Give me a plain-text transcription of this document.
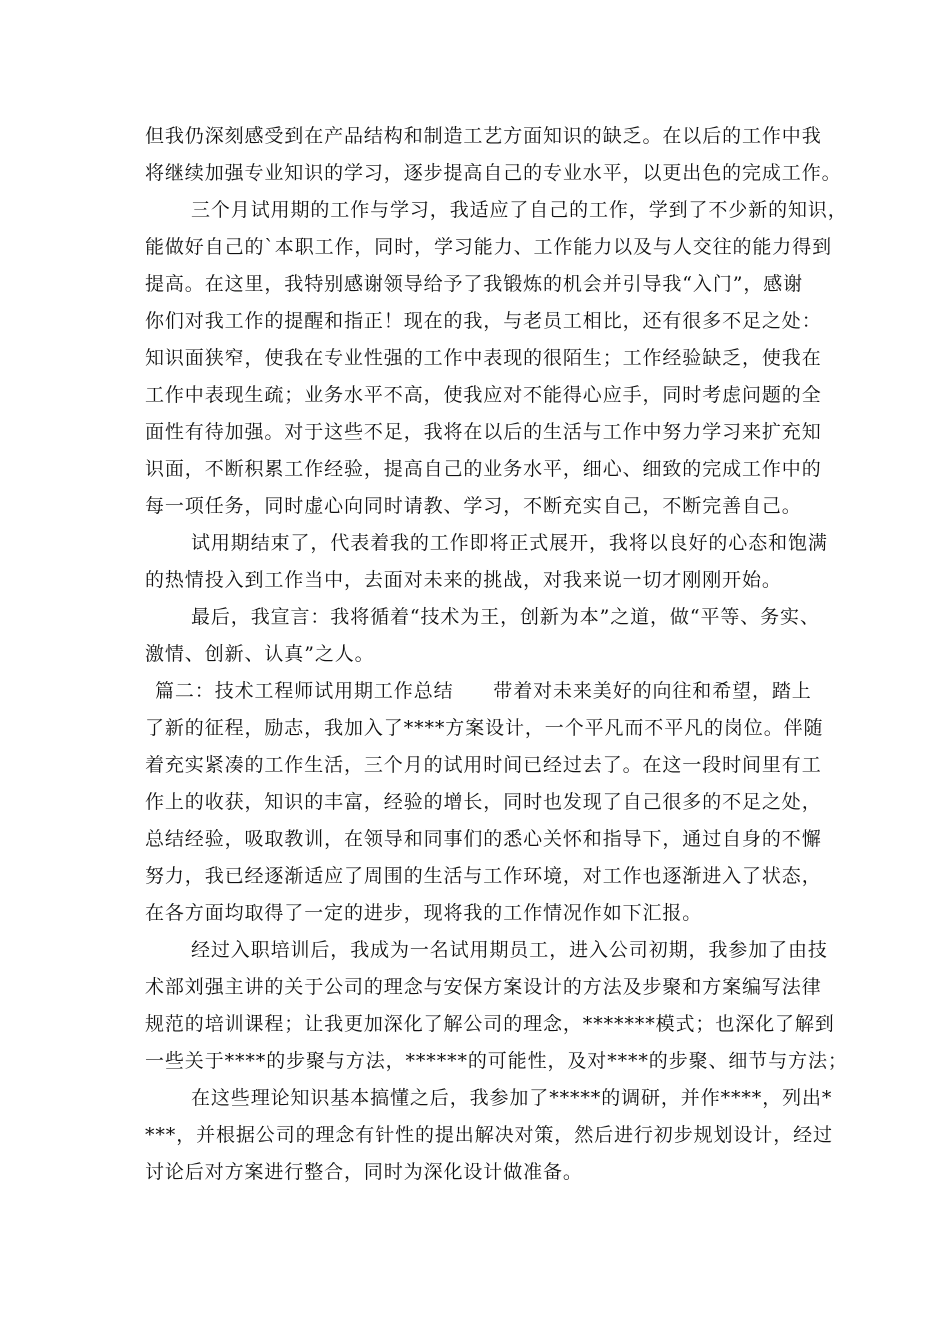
但我仍深刻感受到在产品结构和制造工艺方面知识的缺乏。在以后的工作中我
将继续加强专业知识的学习，逐步提高自己的专业水平，以更出色的完成工作。
三个月试用期的工作与学习，我适应了自己的工作，学到了不少新的知识，
能做好自己的`本职工作，同时，学习能力、工作能力以及与人交往的能力得到
提高。在这里，我特别感谢领导给予了我锻炼的机会并引导我“入门”，感谢
你们对我工作的提醒和指正！现在的我，与老员工相比，还有很多不足之处：
知识面狭窄，使我在专业性强的工作中表现的很陌生；工作经验缺乏，使我在
工作中表现生疏；业务水平不高，使我应对不能得心应手，同时考虑问题的全
面性有待加强。对于这些不足，我将在以后的生活与工作中努力学习来扩充知
识面，不断积累工作经验，提高自己的业务水平，细心、细致的完成工作中的
每一项任务，同时虚心向同时请教、学习，不断充实自己，不断完善自己。
试用期结束了，代表着我的工作即将正式展开，我将以良好的心态和饱满
的热情投入到工作当中，去面对未来的挑战，对我来说一切才刚刚开始。
最后，我宣言：我将循着“技术为王，创新为本”之道，做“平等、务实、
激情、创新、认真”之人。
篇二：技术工程师试用期工作总结　　带着对未来美好的向往和希望，踏上
了新的征程，励志，我加入了****方案设计，一个平凡而不平凡的岗位。伴随
着充实紧凑的工作生活，三个月的试用时间已经过去了。在这一段时间里有工
作上的收获，知识的丰富，经验的增长，同时也发现了自己很多的不足之处，
总结经验，吸取教训，在领导和同事们的悉心关怀和指导下，通过自身的不懈
努力，我已经逐渐适应了周围的生活与工作环境，对工作也逐渐进入了状态，
在各方面均取得了一定的进步，现将我的工作情况作如下汇报。
经过入职培训后，我成为一名试用期员工，进入公司初期，我参加了由技
术部刘强主讲的关于公司的理念与安保方案设计的方法及步聚和方案编写法律
规范的培训课程；让我更加深化了解公司的理念，*******模式；也深化了解到
一些关于****的步聚与方法，******的可能性，及对****的步聚、细节与方法；
在这些理论知识基本搞懂之后，我参加了*****的调研，并作****，列出*
***，并根据公司的理念有针性的提出解决对策，然后进行初步规划设计，经过
讨论后对方案进行整合，同时为深化设计做准备。
